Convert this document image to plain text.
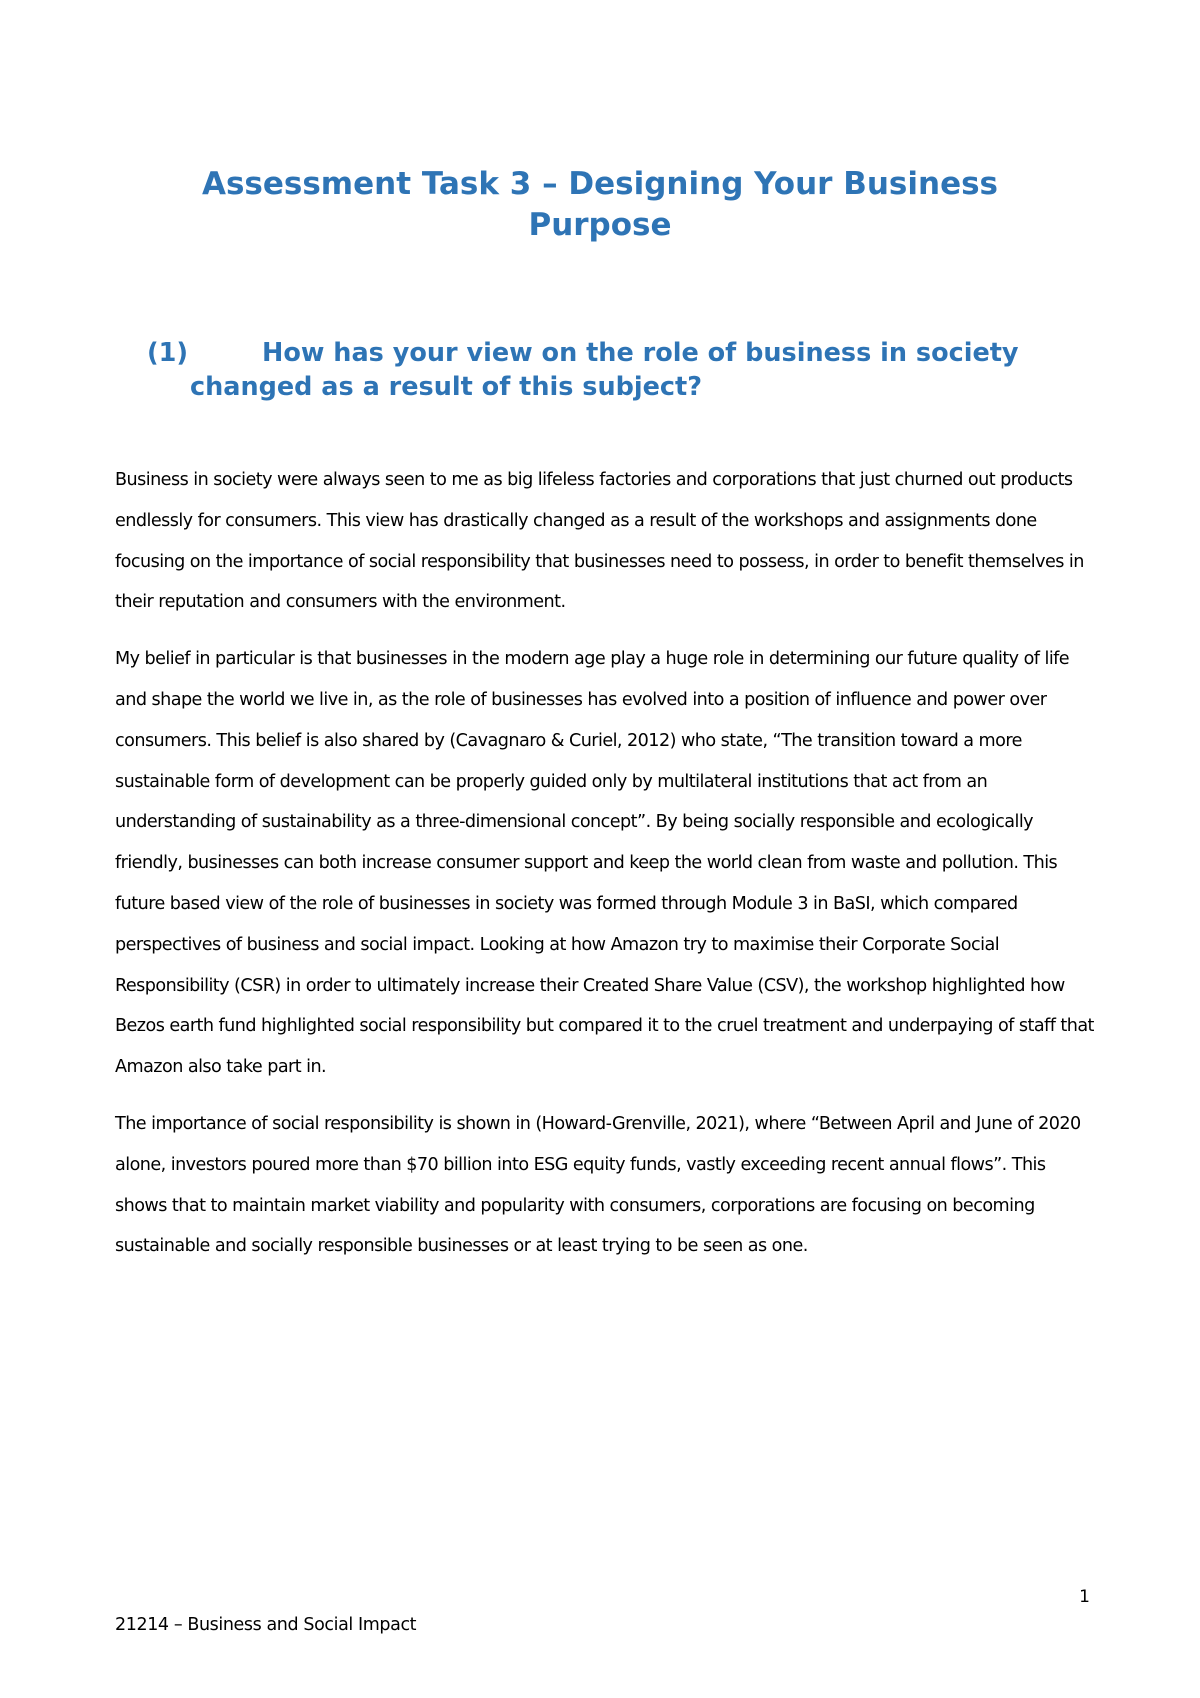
Assessment Task 3 – Designing Your Business Purpose
(1)	How has your view on the role of business in society
changed as a result of this subject?

Business in society were always seen to me as big lifeless factories and corporations that just churned out products endlessly for consumers. This view has drastically changed as a result of the workshops and assignments done focusing on the importance of social responsibility that businesses need to possess, in order to benefit themselves in their reputation and consumers with the environment.

My belief in particular is that businesses in the modern age play a huge role in determining our future quality of life and shape the world we live in, as the role of businesses has evolved into a position of influence and power over consumers. This belief is also shared by (Cavagnaro & Curiel, 2012) who state, “The transition toward a more sustainable form of development can be properly guided only by multilateral institutions that act from an understanding of sustainability as a three-dimensional concept”. By being socially responsible and ecologically friendly, businesses can both increase consumer support and keep the world clean from waste and pollution. This future based view of the role of businesses in society was formed through Module 3 in BaSI, which compared perspectives of business and social impact. Looking at how Amazon try to maximise their Corporate Social Responsibility (CSR) in order to ultimately increase their Created Share Value (CSV), the workshop highlighted how Bezos earth fund highlighted social responsibility but compared it to the cruel treatment and underpaying of staff that Amazon also take part in.

The importance of social responsibility is shown in (Howard-Grenville, 2021), where “Between April and June of 2020 alone, investors poured more than $70 billion into ESG equity funds, vastly exceeding recent annual flows”. This shows that to maintain market viability and popularity with consumers, corporations are focusing on becoming sustainable and socially responsible businesses or at least trying to be seen as one.

1

21214 – Business and Social Impact
